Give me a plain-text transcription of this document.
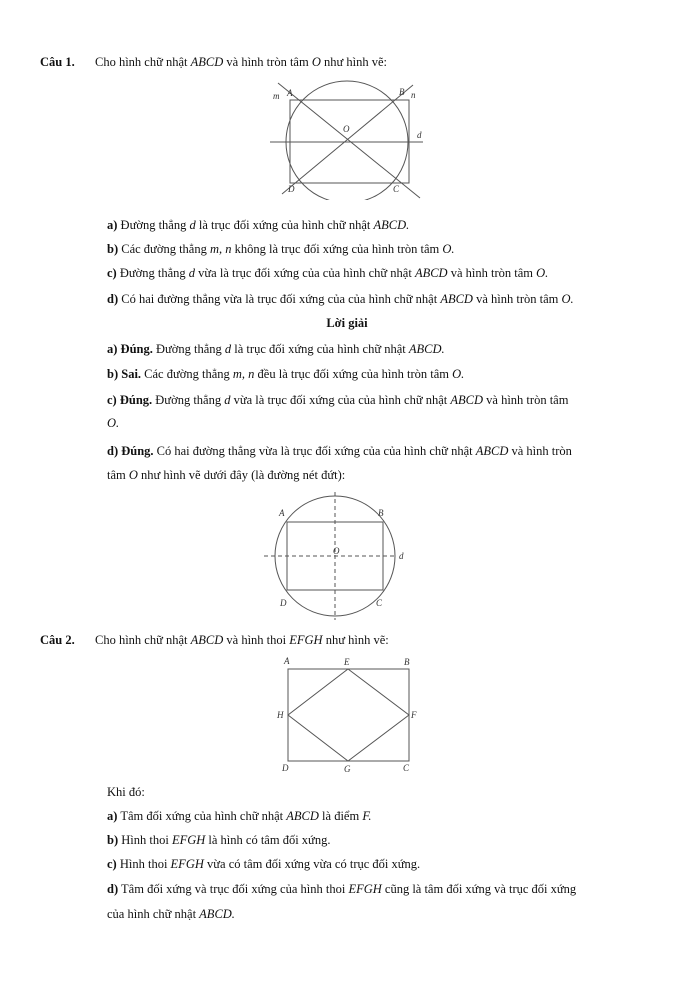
Câu 1. Cho hình chữ nhật ABCD và hình tròn tâm O như hình vẽ:
m A	B n
O
d
D	C
a) Đường thẳng d là trục đối xứng của hình chữ nhật ABCD.
b) Các đường thẳng m, n không là trục đối xứng của hình tròn tâm O.
c) Đường thẳng d vừa là trục đối xứng của của hình chữ nhật ABCD và hình tròn tâm O.
d) Có hai đường thẳng vừa là trục đối xứng của của hình chữ nhật ABCD và hình tròn tâm O.
Lời giải
a) Đúng. Đường thẳng d là trục đối xứng của hình chữ nhật ABCD.
b) Sai. Các đường thẳng m, n đều là trục đối xứng của hình tròn tâm O.
c) Đúng. Đường thẳng d vừa là trục đối xứng của của hình chữ nhật ABCD và hình tròn tâm
O.
d) Đúng. Có hai đường thẳng vừa là trục đối xứng của của hình chữ nhật ABCD và hình tròn
tâm O như hình vẽ dưới đây (là đường nét đứt):
A	B
O	d
D	C
Câu 2. Cho hình chữ nhật ABCD và hình thoi EFGH như hình vẽ:
A	E	B
H	F
D	G	C
Khi đó:
a) Tâm đối xứng của hình chữ nhật ABCD là điểm F.
b) Hình thoi EFGH là hình có tâm đối xứng.
c) Hình thoi EFGH vừa có tâm đối xứng vừa có trục đối xứng.
d) Tâm đối xứng và trục đối xứng của hình thoi EFGH cũng là tâm đối xứng và trục đối xứng
của hình chữ nhật ABCD.
